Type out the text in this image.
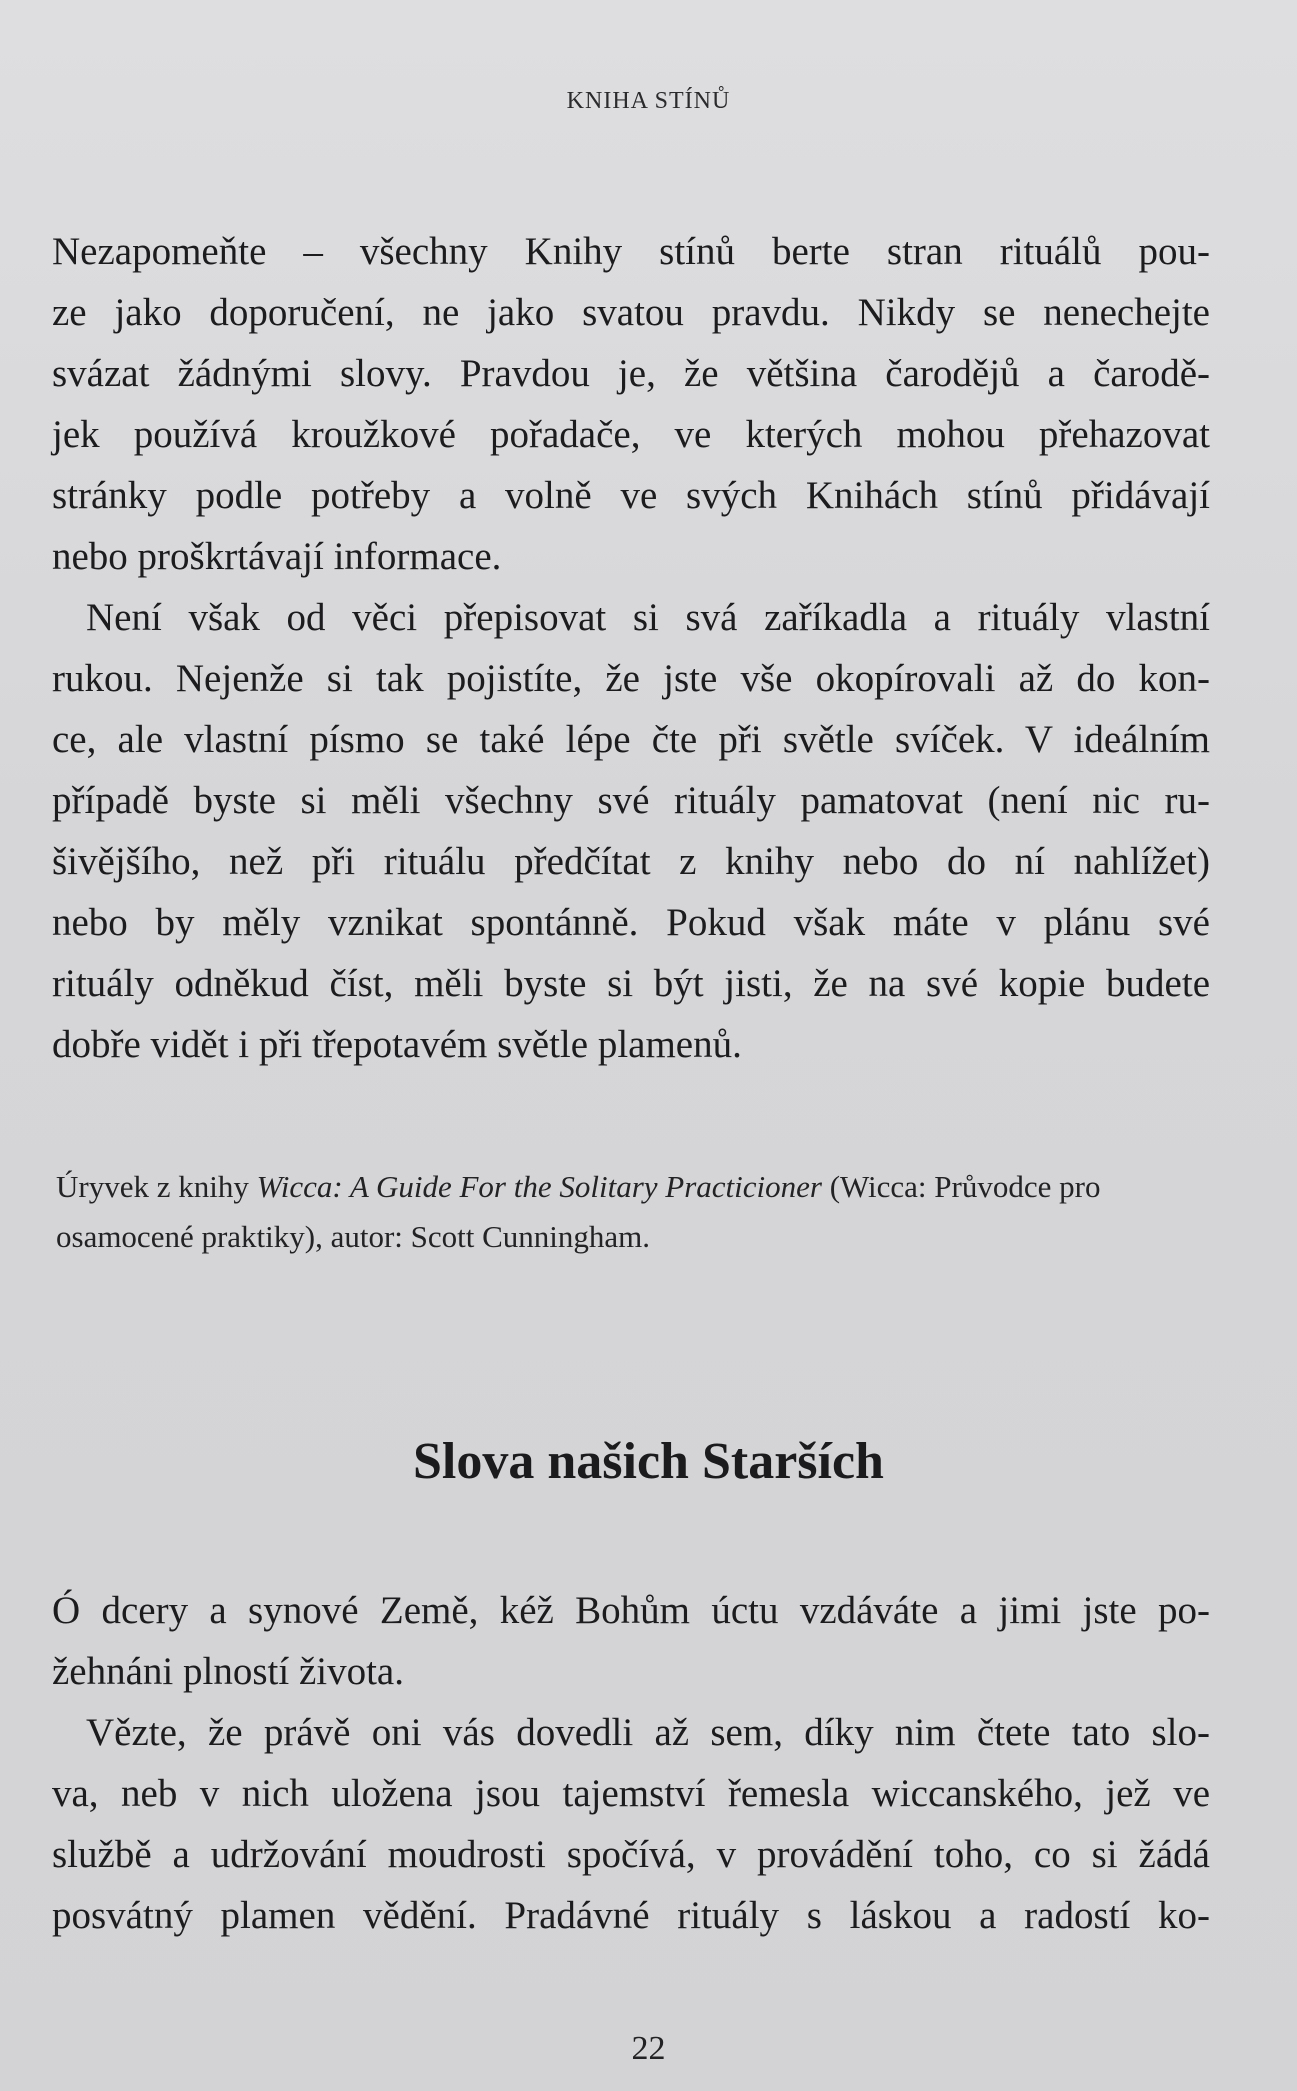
KNIHA STÍNŮ
Nezapomeňte – všechny Knihy stínů berte stran rituálů pou-
ze jako doporučení, ne jako svatou pravdu. Nikdy se nenechejte
svázat žádnými slovy. Pravdou je, že většina čarodějů a čarodě-
jek používá kroužkové pořadače, ve kterých mohou přehazovat
stránky podle potřeby a volně ve svých Knihách stínů přidávají
nebo proškrtávají informace.
Není však od věci přepisovat si svá zaříkadla a rituály vlastní
rukou. Nejenže si tak pojistíte, že jste vše okopírovali až do kon-
ce, ale vlastní písmo se také lépe čte při světle svíček. V ideálním
případě byste si měli všechny své rituály pamatovat (není nic ru-
šivějšího, než při rituálu předčítat z knihy nebo do ní nahlížet)
nebo by měly vznikat spontánně. Pokud však máte v plánu své
rituály odněkud číst, měli byste si být jisti, že na své kopie budete
dobře vidět i při třepotavém světle plamenů.
Úryvek z knihy Wicca: A Guide For the Solitary Practicioner (Wicca: Průvodce pro
osamocené praktiky), autor: Scott Cunningham.
Slova našich Starších
Ó dcery a synové Země, kéž Bohům úctu vzdáváte a jimi jste po-
žehnáni plností života.
Vězte, že právě oni vás dovedli až sem, díky nim čtete tato slo-
va, neb v nich uložena jsou tajemství řemesla wiccanského, jež ve
službě a udržování moudrosti spočívá, v provádění toho, co si žádá
posvátný plamen vědění. Pradávné rituály s láskou a radostí ko-
22
